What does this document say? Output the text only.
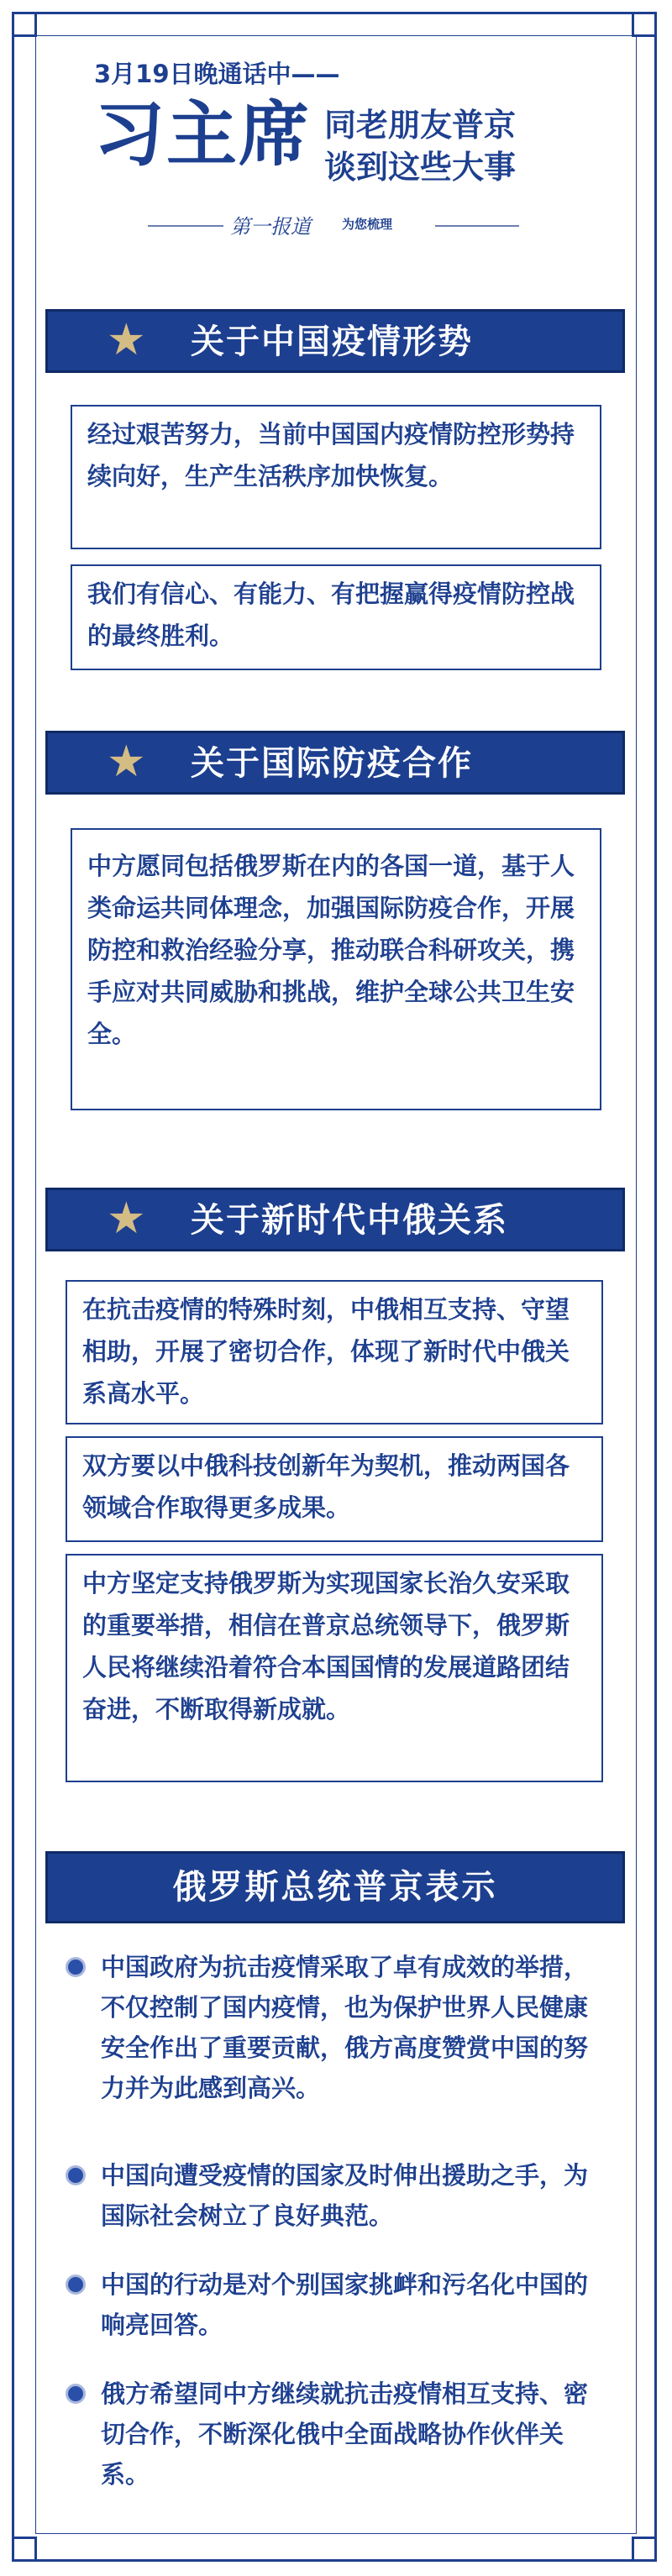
3月19日晚通话中——
习主席 同老朋友普京
谈到这些大事
第一报道 为您梳理
★ 关于中国疫情形势
经过艰苦努力，当前中国国内疫情防控形势持续向好，生产生活秩序加快恢复。
我们有信心、有能力、有把握赢得疫情防控战的最终胜利。
★ 关于国际防疫合作
中方愿同包括俄罗斯在内的各国一道，基于人类命运共同体理念，加强国际防疫合作，开展防控和救治经验分享，推动联合科研攻关，携手应对共同威胁和挑战，维护全球公共卫生安全。
★ 关于新时代中俄关系
在抗击疫情的特殊时刻，中俄相互支持、守望相助，开展了密切合作，体现了新时代中俄关系高水平。
双方要以中俄科技创新年为契机，推动两国各领域合作取得更多成果。
中方坚定支持俄罗斯为实现国家长治久安采取的重要举措，相信在普京总统领导下，俄罗斯人民将继续沿着符合本国国情的发展道路团结奋进，不断取得新成就。
俄罗斯总统普京表示
中国政府为抗击疫情采取了卓有成效的举措，不仅控制了国内疫情，也为保护世界人民健康安全作出了重要贡献，俄方高度赞赏中国的努力并为此感到高兴。
中国向遭受疫情的国家及时伸出援助之手，为国际社会树立了良好典范。
中国的行动是对个别国家挑衅和污名化中国的响亮回答。
俄方希望同中方继续就抗击疫情相互支持、密切合作，不断深化俄中全面战略协作伙伴关系。
